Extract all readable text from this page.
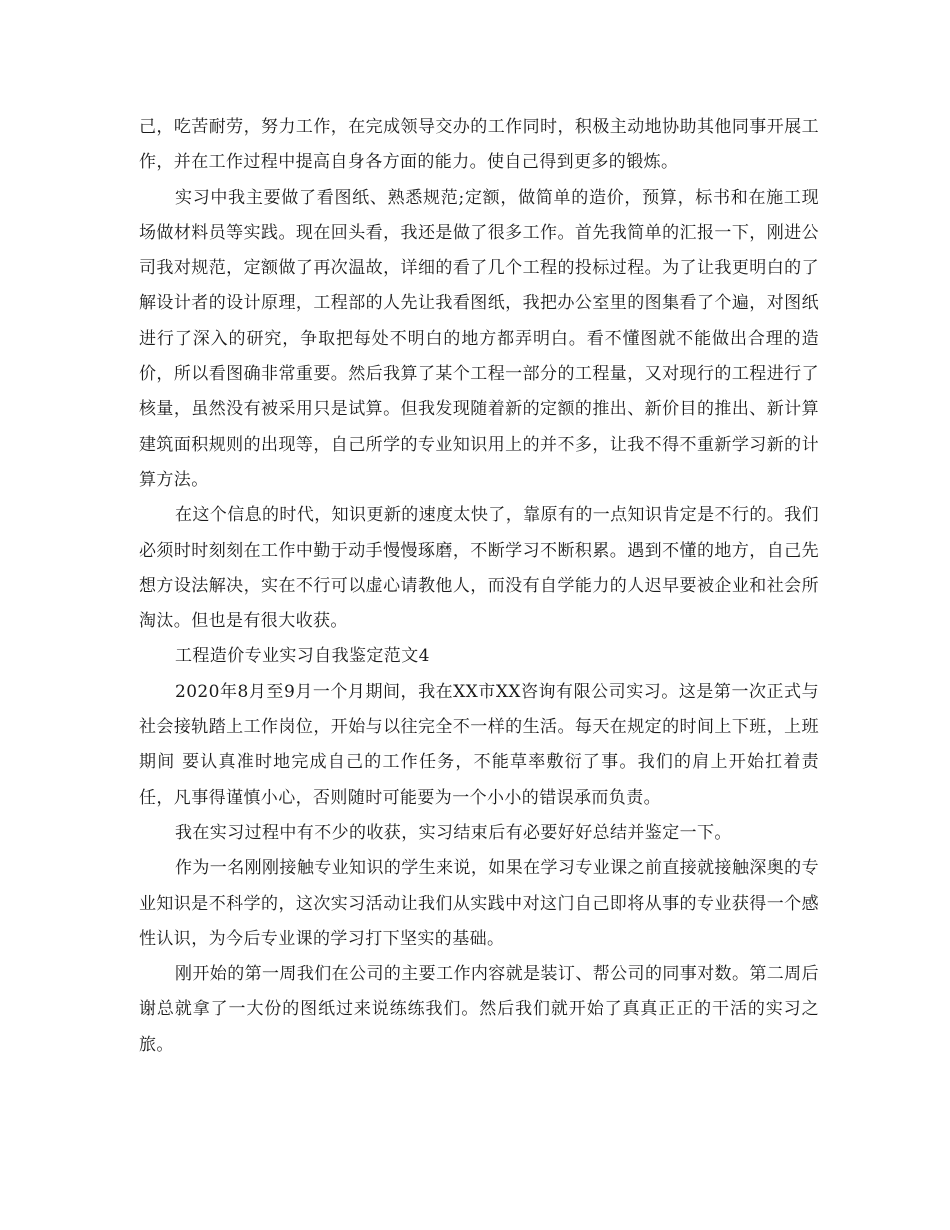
己，吃苦耐劳，努力工作，在完成领导交办的工作同时，积极主动地协助其他同事开展工作，并在工作过程中提高自身各方面的能力。使自己得到更多的锻炼。

实习中我主要做了看图纸、熟悉规范;定额，做简单的造价，预算，标书和在施工现场做材料员等实践。现在回头看，我还是做了很多工作。首先我简单的汇报一下，刚进公司我对规范，定额做了再次温故，详细的看了几个工程的投标过程。为了让我更明白的了解设计者的设计原理，工程部的人先让我看图纸，我把办公室里的图集看了个遍，对图纸进行了深入的研究，争取把每处不明白的地方都弄明白。看不懂图就不能做出合理的造价，所以看图确非常重要。然后我算了某个工程一部分的工程量，又对现行的工程进行了核量，虽然没有被采用只是试算。但我发现随着新的定额的推出、新价目的推出、新计算建筑面积规则的出现等，自己所学的专业知识用上的并不多，让我不得不重新学习新的计算方法。

在这个信息的时代，知识更新的速度太快了，靠原有的一点知识肯定是不行的。我们必须时时刻刻在工作中勤于动手慢慢琢磨，不断学习不断积累。遇到不懂的地方，自己先想方设法解决，实在不行可以虚心请教他人，而没有自学能力的人迟早要被企业和社会所淘汰。但也是有很大收获。

工程造价专业实习自我鉴定范文4

2020年8月至9月一个月期间，我在XX市XX咨询有限公司实习。这是第一次正式与社会接轨踏上工作岗位，开始与以往完全不一样的生活。每天在规定的时间上下班，上班期间 要认真准时地完成自己的工作任务，不能草率敷衍了事。我们的肩上开始扛着责任，凡事得谨慎小心，否则随时可能要为一个小小的错误承而负责。

我在实习过程中有不少的收获，实习结束后有必要好好总结并鉴定一下。

作为一名刚刚接触专业知识的学生来说，如果在学习专业课之前直接就接触深奥的专业知识是不科学的，这次实习活动让我们从实践中对这门自己即将从事的专业获得一个感性认识，为今后专业课的学习打下坚实的基础。

刚开始的第一周我们在公司的主要工作内容就是装订、帮公司的同事对数。第二周后谢总就拿了一大份的图纸过来说练练我们。然后我们就开始了真真正正的干活的实习之旅。
